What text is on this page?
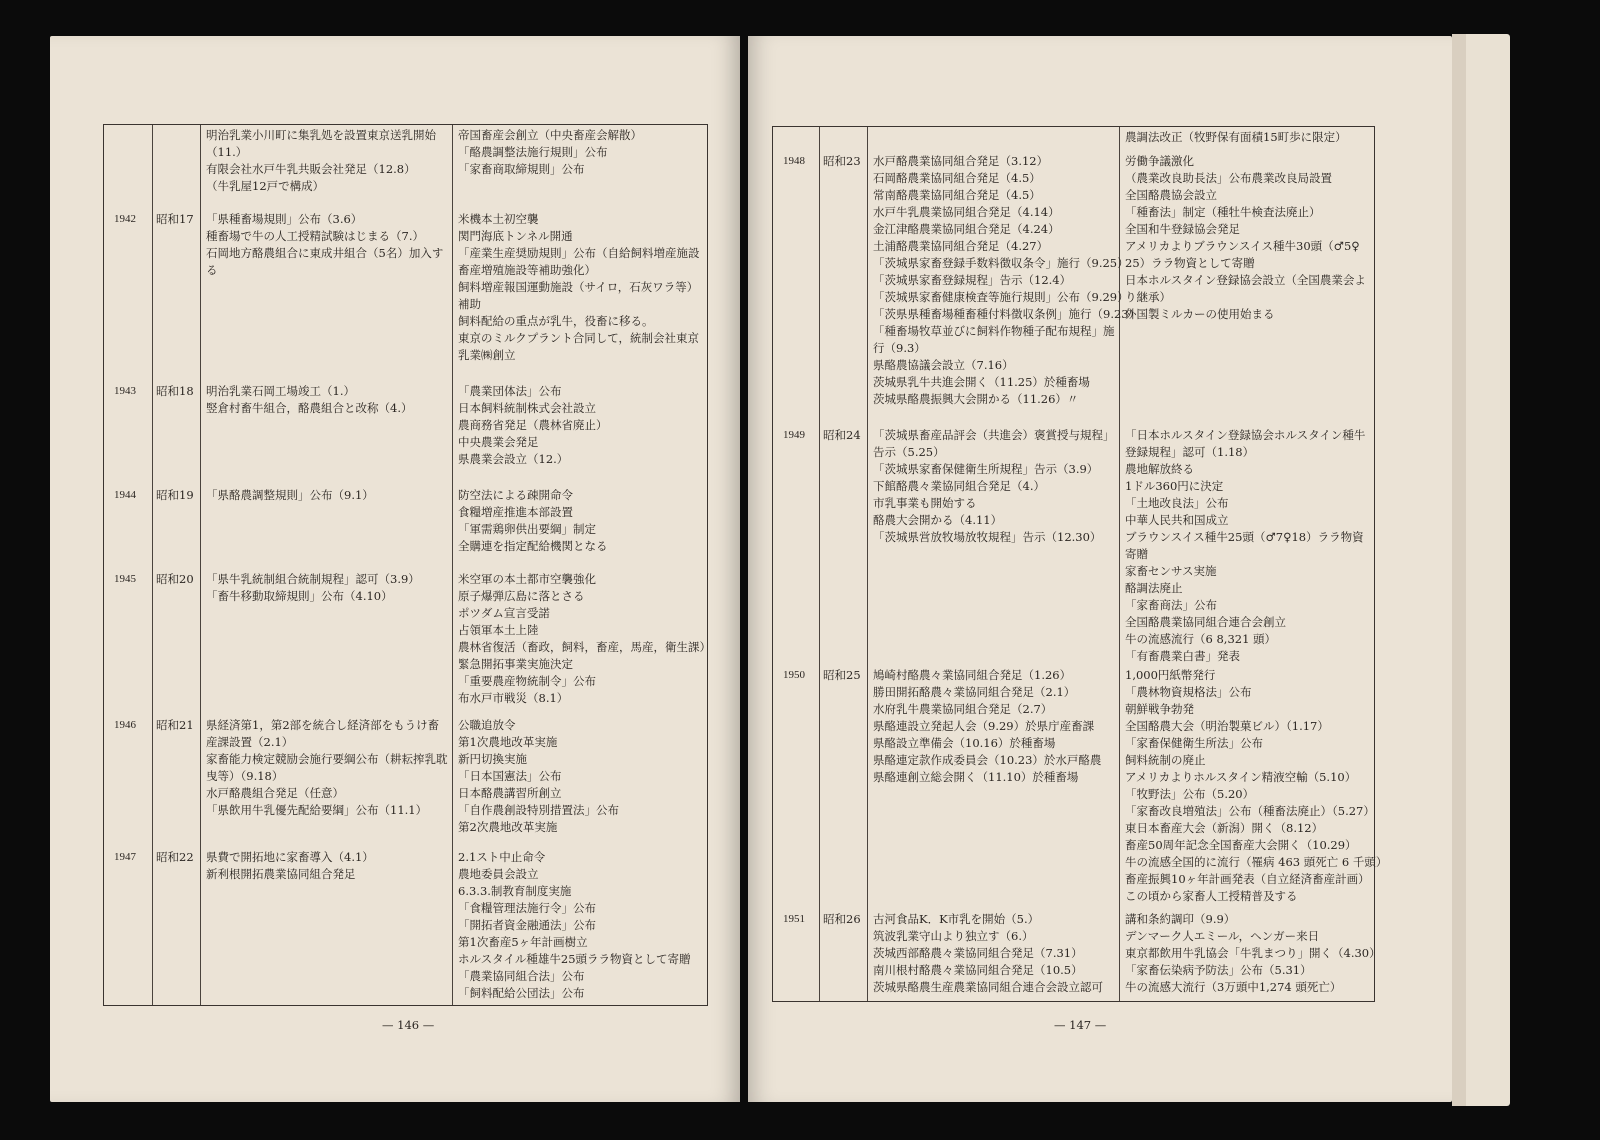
明治乳業小川町に集乳処を設置東京送乳開始
（11.）
有限会社水戸牛乳共販会社発足（12.8）
（牛乳屋12戸で構成）
帝国畜産会創立（中央畜産会解散）
「酪農調整法施行規則」公布
「家畜商取締規則」公布
1942 昭和17 「県種畜場規則」公布（3.6）
種畜場で牛の人工授精試験はじまる（7.）
石岡地方酪農組合に東成井組合（5名）加入す
る
米機本土初空襲
関門海底トンネル開通
「産業生産奨励規則」公布（自給飼料増産施設
畜産増殖施設等補助強化）
飼料増産報国運動施設（サイロ，石灰ワラ等）
補助
飼料配給の重点が乳牛，役畜に移る。
東京のミルクプラント合同して，統制会社東京
乳業㈱創立
1943 昭和18 明治乳業石岡工場竣工（1.）
竪倉村畜牛組合，酪農組合と改称（4.）
「農業団体法」公布
日本飼料統制株式会社設立
農商務省発足（農林省廃止）
中央農業会発足
県農業会設立（12.）
1944 昭和19 「県酪農調整規則」公布（9.1）	防空法による疎開命令
食糧増産推進本部設置
「軍需鶏卵供出要綱」制定
全購連を指定配給機関となる
1945 昭和20 「県牛乳統制組合統制規程」認可（3.9）
「畜牛移動取締規則」公布（4.10）
米空軍の本土都市空襲強化
原子爆弾広島に落とさる
ポツダム宣言受諾
占領軍本土上陸
農林省復活（畜政，飼料，畜産，馬産，衛生課）
緊急開拓事業実施決定
「重要農産物統制令」公布
布水戸市戦災（8.1）
1946 昭和21 県経済第1，第2部を統合し経済部をもうけ畜
産課設置（2.1）
家畜能力検定競励会施行要綱公布（耕耘搾乳耽
曳等）（9.18）
水戸酪農組合発足（任意）
「県飲用牛乳優先配給要綱」公布（11.1）
公職追放令
第1次農地改革実施
新円切換実施
「日本国憲法」公布
日本酪農講習所創立
「自作農創設特別措置法」公布
第2次農地改革実施
1947 昭和22 県費で開拓地に家畜導入（4.1）
新利根開拓農業協同組合発足
2.1スト中止命令
農地委員会設立
6.3.3.制教育制度実施
「食糧管理法施行令」公布
「開拓者資金融通法」公布
第1次畜産5ヶ年計画樹立
ホルスタイル種雄牛25頭ララ物資として寄贈
「農業協同組合法」公布
「飼料配給公団法」公布
農調法改正（牧野保有面積15町歩に限定）
1948 昭和23 水戸酪農業協同組合発足（3.12）
石岡酪農業協同組合発足（4.5）
常南酪農業協同組合発足（4.5）
水戸牛乳農業協同組合発足（4.14）
金江津酪農業協同組合発足（4.24）
土浦酪農業協同組合発足（4.27）
「茨城県家畜登録手数料徴収条令」施行（9.25）
「茨城県家畜登録規程」告示（12.4）
「茨城県家畜健康検査等施行規則」公布（9.29）
「茨県県種畜場種畜種付料徴収条例」施行（9.23）
「種畜場牧草並びに飼料作物種子配布規程」施
行（9.3）
県酪農協議会設立（7.16）
茨城県乳牛共進会開く（11.25）於種畜場
茨城県酪農振興大会開かる（11.26）〃
労働争議激化
（農業改良助長法」公布農業改良局設置
全国酪農協会設立
「種畜法」制定（種牡牛検査法廃止）
全国和牛登録協会発足
アメリカよりブラウンスイス種牛30頭（♂5♀
25）ララ物資として寄贈
日本ホルスタイン登録協会設立（全国農業会よ
り継承）
外国製ミルカーの使用始まる
1949 昭和24 「茨城県畜産品評会（共進会）褒賞授与規程」
告示（5.25）
「茨城県家畜保健衛生所規程」告示（3.9）
下館酪農々業協同組合発足（4.）
市乳事業も開始する
酪農大会開かる（4.11）
「茨城県営放牧場放牧規程」告示（12.30）
「日本ホルスタイン登録協会ホルスタイン種牛
登録規程」認可（1.18）
農地解放終る
1ドル360円に決定
「土地改良法」公布
中華人民共和国成立
ブラウンスイス種牛25頭（♂7♀18）ララ物資
寄贈
家畜センサス実施
酪調法廃止
「家畜商法」公布
全国酪農業協同組合連合会創立
牛の流感流行（6 8,321 頭）
「有畜農業白書」発表
1950 昭和25 鳩崎村酪農々業協同組合発足（1.26）
勝田開拓酪農々業協同組合発足（2.1）
水府乳牛農業協同組合発足（2.7）
県酪連設立発起人会（9.29）於県庁産畜課
県酪設立準備会（10.16）於種畜場
県酪連定款作成委員会（10.23）於水戸酪農
県酪連創立総会開く（11.10）於種畜場
1,000円紙幣発行
「農林物資規格法」公布
朝鮮戦争勃発
全国酪農大会（明治製菓ビル）（1.17）
「家畜保健衛生所法」公布
飼料統制の廃止
アメリカよりホルスタイン精液空輸（5.10）
「牧野法」公布（5.20）
「家畜改良増殖法」公布（種畜法廃止）（5.27）
東日本畜産大会（新潟）開く（8.12）
畜産50周年記念全国畜産大会開く（10.29）
牛の流感全国的に流行（罹病 463 頭死亡 6 千頭）
畜産振興10ヶ年計画発表（自立経済畜産計画）
この頃から家畜人工授精普及する
1951 昭和26 古河食品K．K市乳を開始（5.）
筑波乳業守山より独立す（6.）
茨城西部酪農々業協同組合発足（7.31）
南川根村酪農々業協同組合発足（10.5）
茨城県酪農生産農業協同組合連合会設立認可
講和条約調印（9.9）
デンマーク人エミール，ヘンガー来日
東京都飲用牛乳協会「牛乳まつり」開く（4.30）
「家畜伝染病予防法」公布（5.31）
牛の流感大流行（3万頭中1,274 頭死亡）
— 146 —	— 147 —
